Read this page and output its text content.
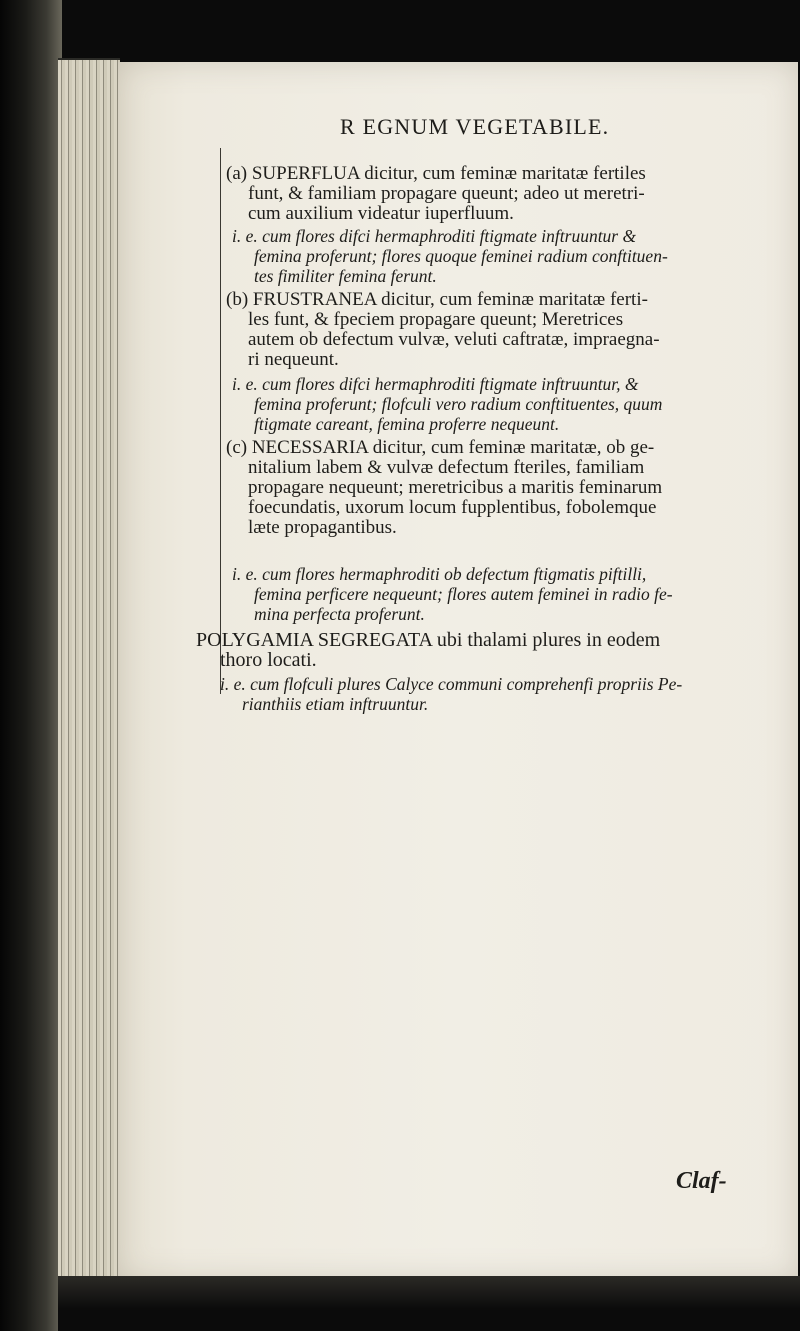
R EGNUM VEGETABILE.
(a) SUPERFLUA dicitur, cum feminæ maritatæ fertiles
funt, & familiam propagare queunt; adeo ut meretri-
cum auxilium videatur iuperfluum.
i. e. cum flores difci hermaphroditi ftigmate inftruuntur &
femina proferunt; flores quoque feminei radium conftituen-
tes fimiliter femina ferunt.
(b) FRUSTRANEA dicitur, cum feminæ maritatæ ferti-
les funt, & fpeciem propagare queunt; Meretrices
autem ob defectum vulvæ, veluti caftratæ, impraegna-
ri nequeunt.
i. e. cum flores difci hermaphroditi ftigmate inftruuntur, &
femina proferunt; flofculi vero radium conftituentes, quum
ftigmate careant, femina proferre nequeunt.
(c) NECESSARIA dicitur, cum feminæ maritatæ, ob ge-
nitalium labem & vulvæ defectum fteriles, familiam
propagare nequeunt; meretricibus a maritis feminarum
foecundatis, uxorum locum fupplentibus, fobolemque
læte propagantibus.
i. e. cum flores hermaphroditi ob defectum ftigmatis piftilli,
femina perficere nequeunt; flores autem feminei in radio fe-
mina perfecta proferunt.
POLYGAMIA SEGREGATA ubi thalami plures in eodem
thoro locati.
i. e. cum flofculi plures Calyce communi comprehenfi propriis Pe-
rianthiis etiam inftruuntur.
Claf-
